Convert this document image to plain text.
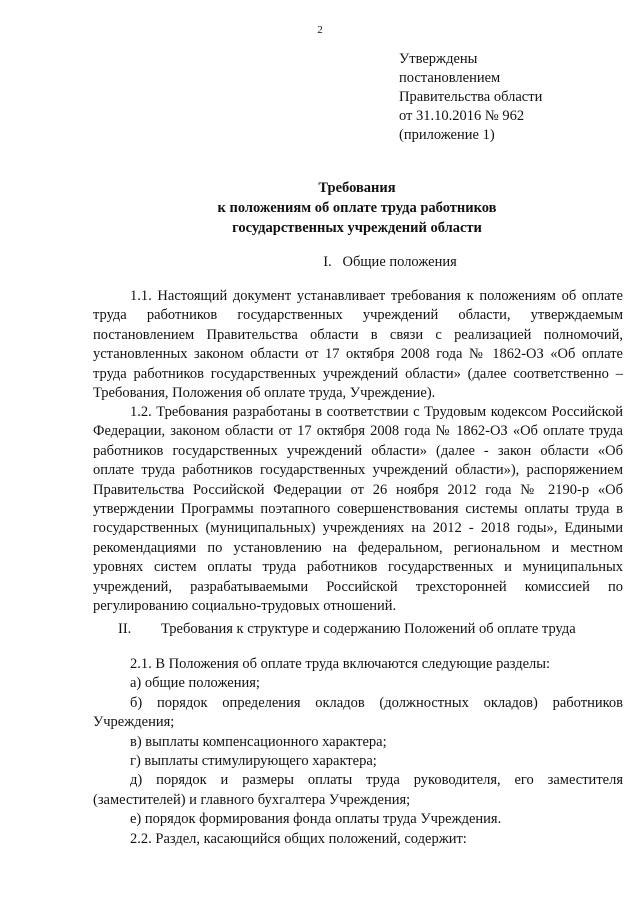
2
Утверждены
постановлением
Правительства области
от 31.10.2016 № 962
(приложение 1)
Требования
к положениям об оплате труда работников
государственных учреждений области
I.   Общие положения
1.1. Настоящий документ устанавливает требования к положениям об оплате труда работников государственных учреждений области, утверждаемым постановлением Правительства области в связи с реализацией полномочий, установленных законом области от 17 октября 2008 года № 1862-ОЗ «Об оплате труда работников государственных учреждений области» (далее соответственно – Требования, Положения об оплате труда, Учреждение).
1.2. Требования разработаны в соответствии с Трудовым кодексом Российской Федерации, законом области от 17 октября 2008 года № 1862-ОЗ «Об оплате труда работников государственных учреждений области» (далее - закон области «Об оплате труда работников государственных учреждений области»), распоряжением Правительства Российской Федерации от 26 ноября 2012 года № 2190-р «Об утверждении Программы поэтапного совершенствования системы оплаты труда в государственных (муниципальных) учреждениях на 2012 - 2018 годы», Едиными рекомендациями по установлению на федеральном, региональном и местном уровнях систем оплаты труда работников государственных и муниципальных учреждений, разрабатываемыми Российской трехсторонней комиссией по регулированию социально-трудовых отношений.
II. Требования к структуре и содержанию Положений об оплате труда
2.1. В Положения об оплате труда включаются следующие разделы:
а) общие положения;
б) порядок определения окладов (должностных окладов) работников Учреждения;
в) выплаты компенсационного характера;
г) выплаты стимулирующего характера;
д) порядок и размеры оплаты труда руководителя, его заместителя (заместителей) и главного бухгалтера Учреждения;
е) порядок формирования фонда оплаты труда Учреждения.
2.2. Раздел, касающийся общих положений, содержит:
